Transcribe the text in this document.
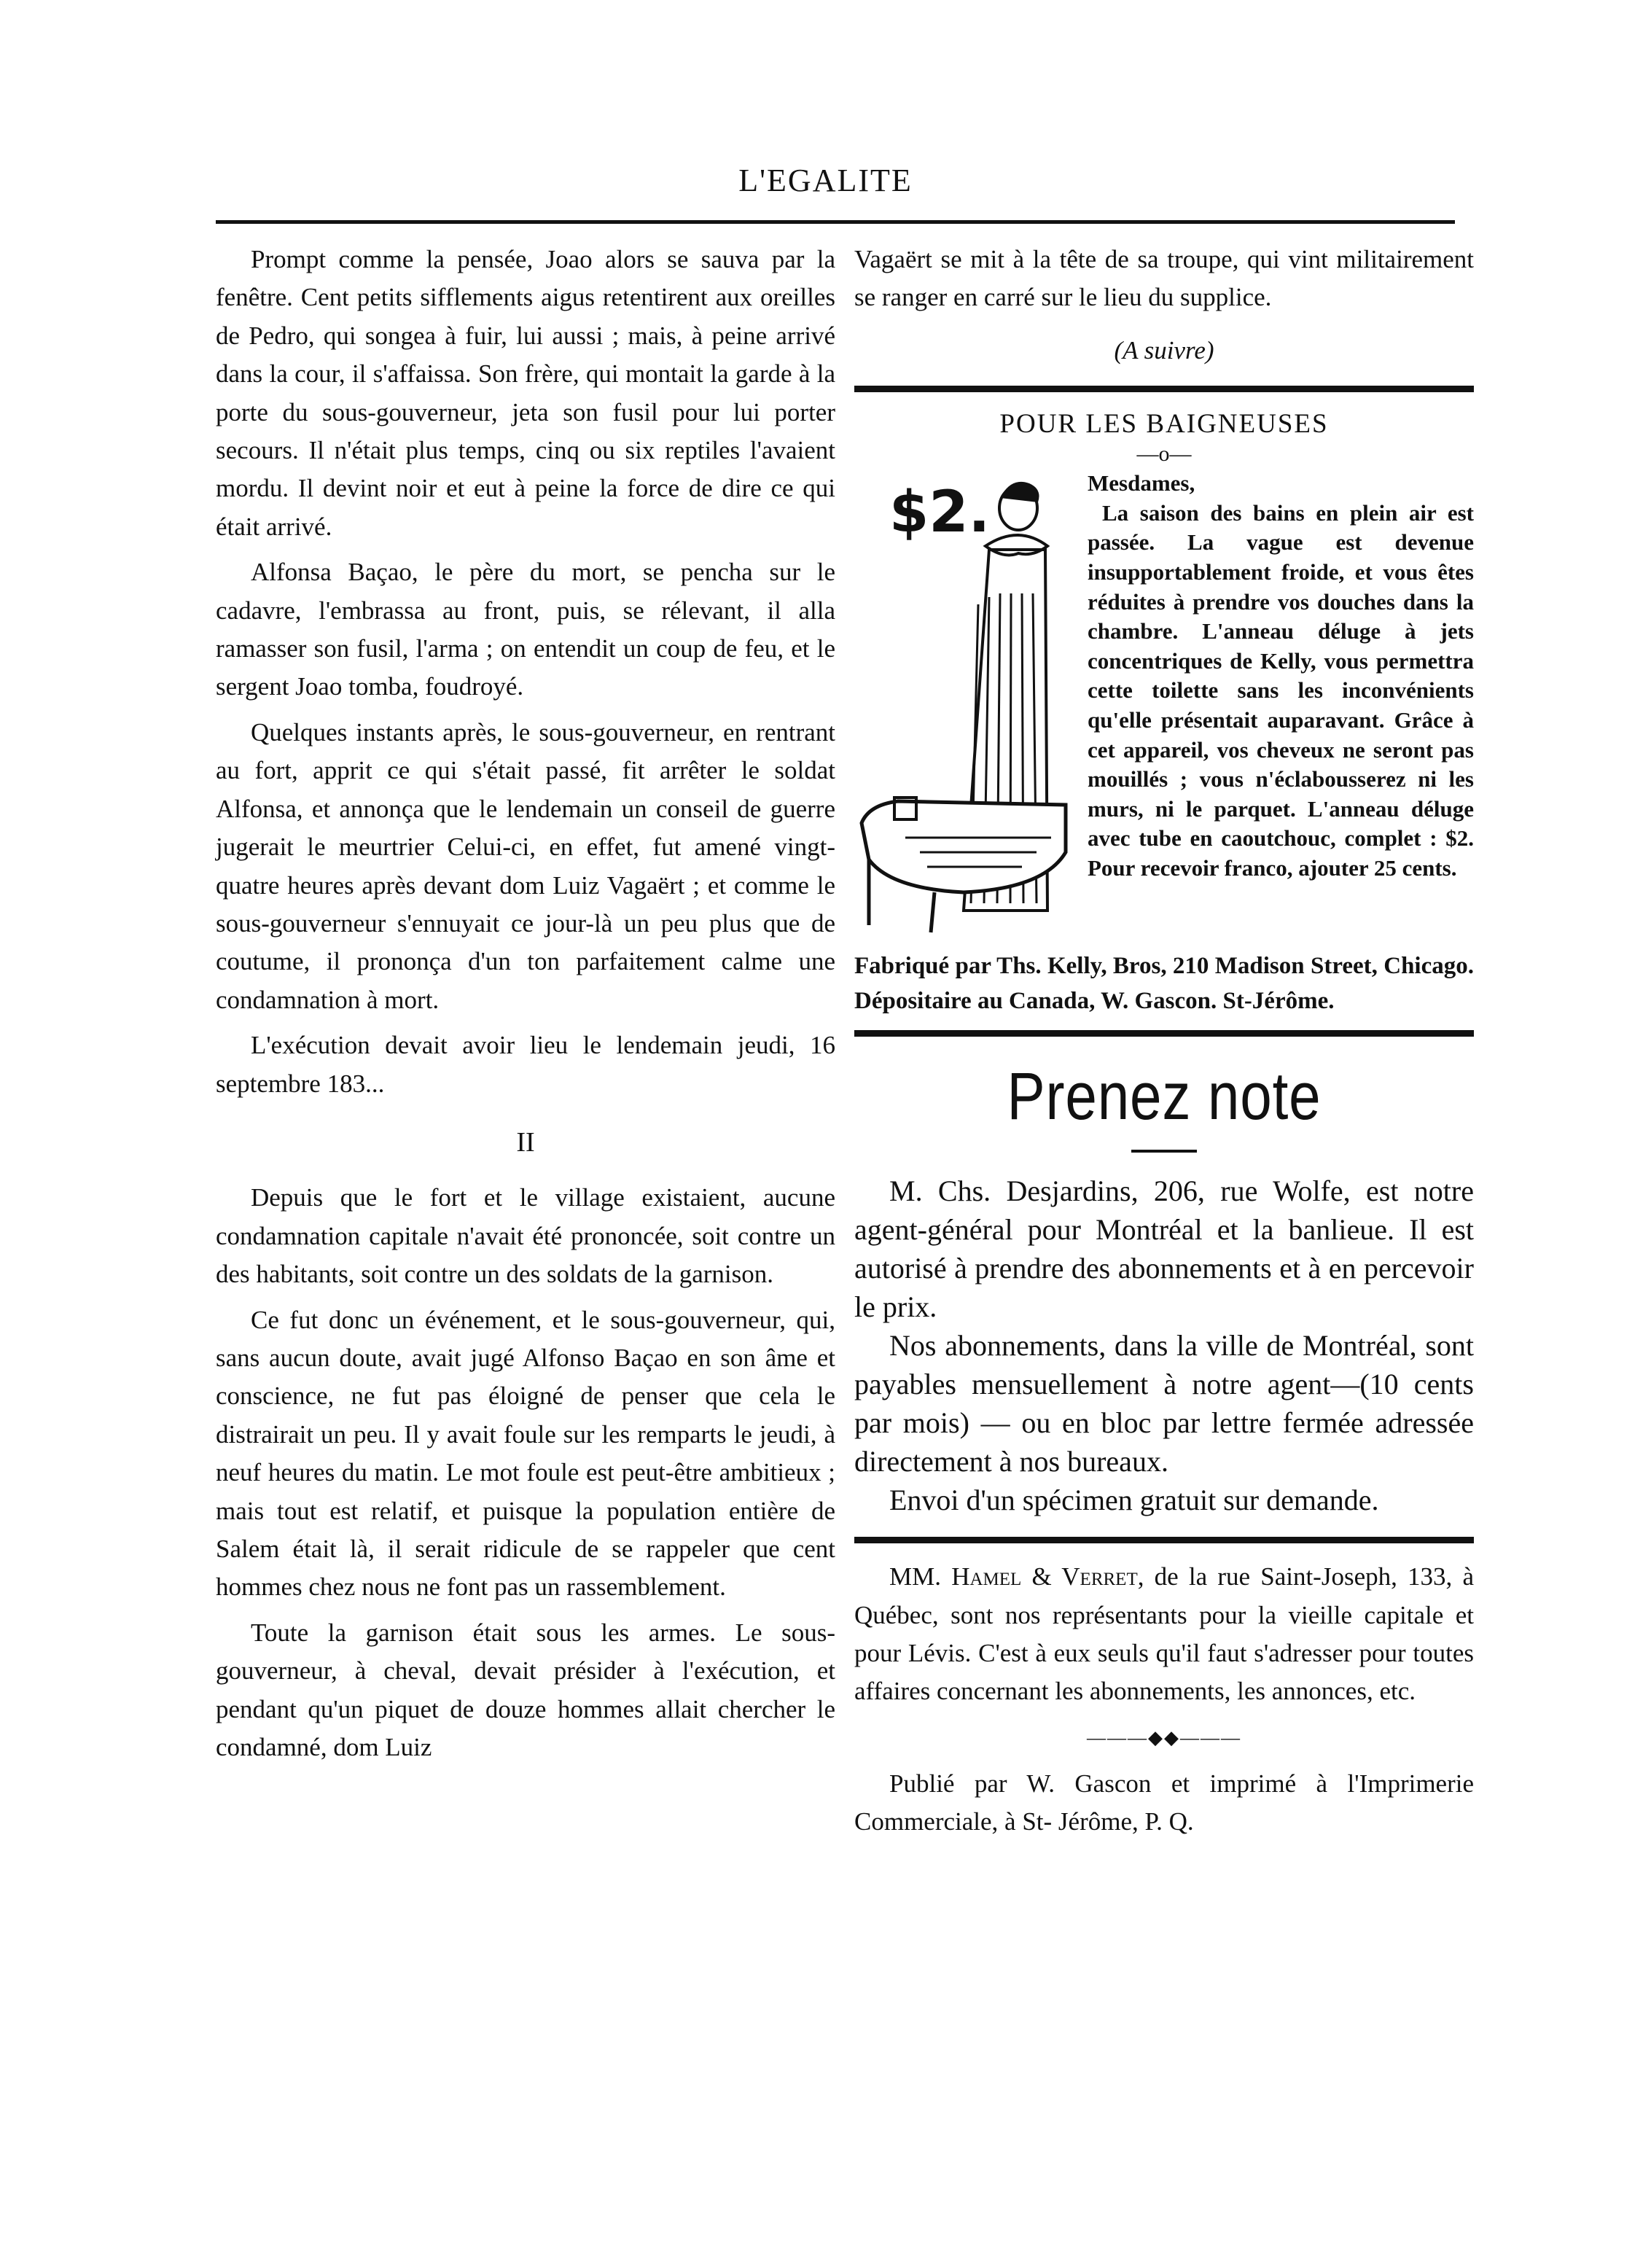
L'EGALITE

Prompt comme la pensée, Joao alors se sauva par la fenêtre. Cent petits sifflements aigus retentirent aux oreilles de Pedro, qui songea à fuir, lui aussi ; mais, à peine arrivé dans la cour, il s'affaissa. Son frère, qui montait la garde à la porte du sous-gouverneur, jeta son fusil pour lui porter secours. Il n'était plus temps, cinq ou six reptiles l'avaient mordu. Il devint noir et eut à peine la force de dire ce qui était arrivé.

Alfonsa Baçao, le père du mort, se pencha sur le cadavre, l'embrassa au front, puis, se rélevant, il alla ramasser son fusil, l'arma ; on entendit un coup de feu, et le sergent Joao tomba, foudroyé.

Quelques instants après, le sous-gouverneur, en rentrant au fort, apprit ce qui s'était passé, fit arrêter le soldat Alfonsa, et annonça que le lendemain un conseil de guerre jugerait le meurtrier Celui-ci, en effet, fut amené vingt-quatre heures après devant dom Luiz Vagaërt ; et comme le sous-gouverneur s'ennuyait ce jour-là un peu plus que de coutume, il prononça d'un ton parfaitement calme une condamnation à mort.

L'exécution devait avoir lieu le lendemain jeudi, 16 septembre 183...

II

Depuis que le fort et le village existaient, aucune condamnation capitale n'avait été prononcée, soit contre un des habitants, soit contre un des soldats de la garnison.

Ce fut donc un événement, et le sous-gouverneur, qui, sans aucun doute, avait jugé Alfonso Baçao en son âme et conscience, ne fut pas éloigné de penser que cela le distrairait un peu. Il y avait foule sur les remparts le jeudi, à neuf heures du matin. Le mot foule est peut-être ambitieux ; mais tout est relatif, et puisque la population entière de Salem était là, il serait ridicule de se rappeler que cent hommes chez nous ne font pas un rassemblement.

Toute la garnison était sous les armes. Le sous-gouverneur, à cheval, devait présider à l'exécution, et pendant qu'un piquet de douze hommes allait chercher le condamné, dom Luiz

Vagaërt se mit à la tête de sa troupe, qui vint militairement se ranger en carré sur le lieu du supplice.

(A suivre)

POUR LES BAIGNEUSES
—o—
$2.	Mesdames,
La saison des bains en plein air est passée. La vague est devenue insupportablement froide, et vous êtes réduites à prendre vos douches dans la chambre. L'anneau déluge à jets concentriques de Kelly, vous permettra cette toilette sans les inconvénients qu'elle présentait auparavant. Grâce à cet appareil, vos cheveux ne seront pas mouillés ; vous n'éclabousserez ni les murs, ni le parquet. L'anneau déluge avec tube en caoutchouc, complet : $2. Pour recevoir franco, ajouter 25 cents.

Fabriqué par Ths. Kelly, Bros, 210 Madison Street, Chicago. Dépositaire au Canada, W. Gascon. St-Jérôme.

Prenez note

M. Chs. Desjardins, 206, rue Wolfe, est notre agent-général pour Montréal et la banlieue. Il est autorisé à prendre des abonnements et à en percevoir le prix.

Nos abonnements, dans la ville de Montréal, sont payables mensuellement à notre agent—(10 cents par mois) — ou en bloc par lettre fermée adressée directement à nos bureaux.

Envoi d'un spécimen gratuit sur demande.

MM. Hamel & Verret, de la rue Saint-Joseph, 133, à Québec, sont nos représentants pour la vieille capitale et pour Lévis. C'est à eux seuls qu'il faut s'adresser pour toutes affaires concernant les abonnements, les annonces, etc.

———◆◆———

Publié par W. Gascon et imprimé à l'Imprimerie Commerciale, à St- Jérôme, P. Q.
